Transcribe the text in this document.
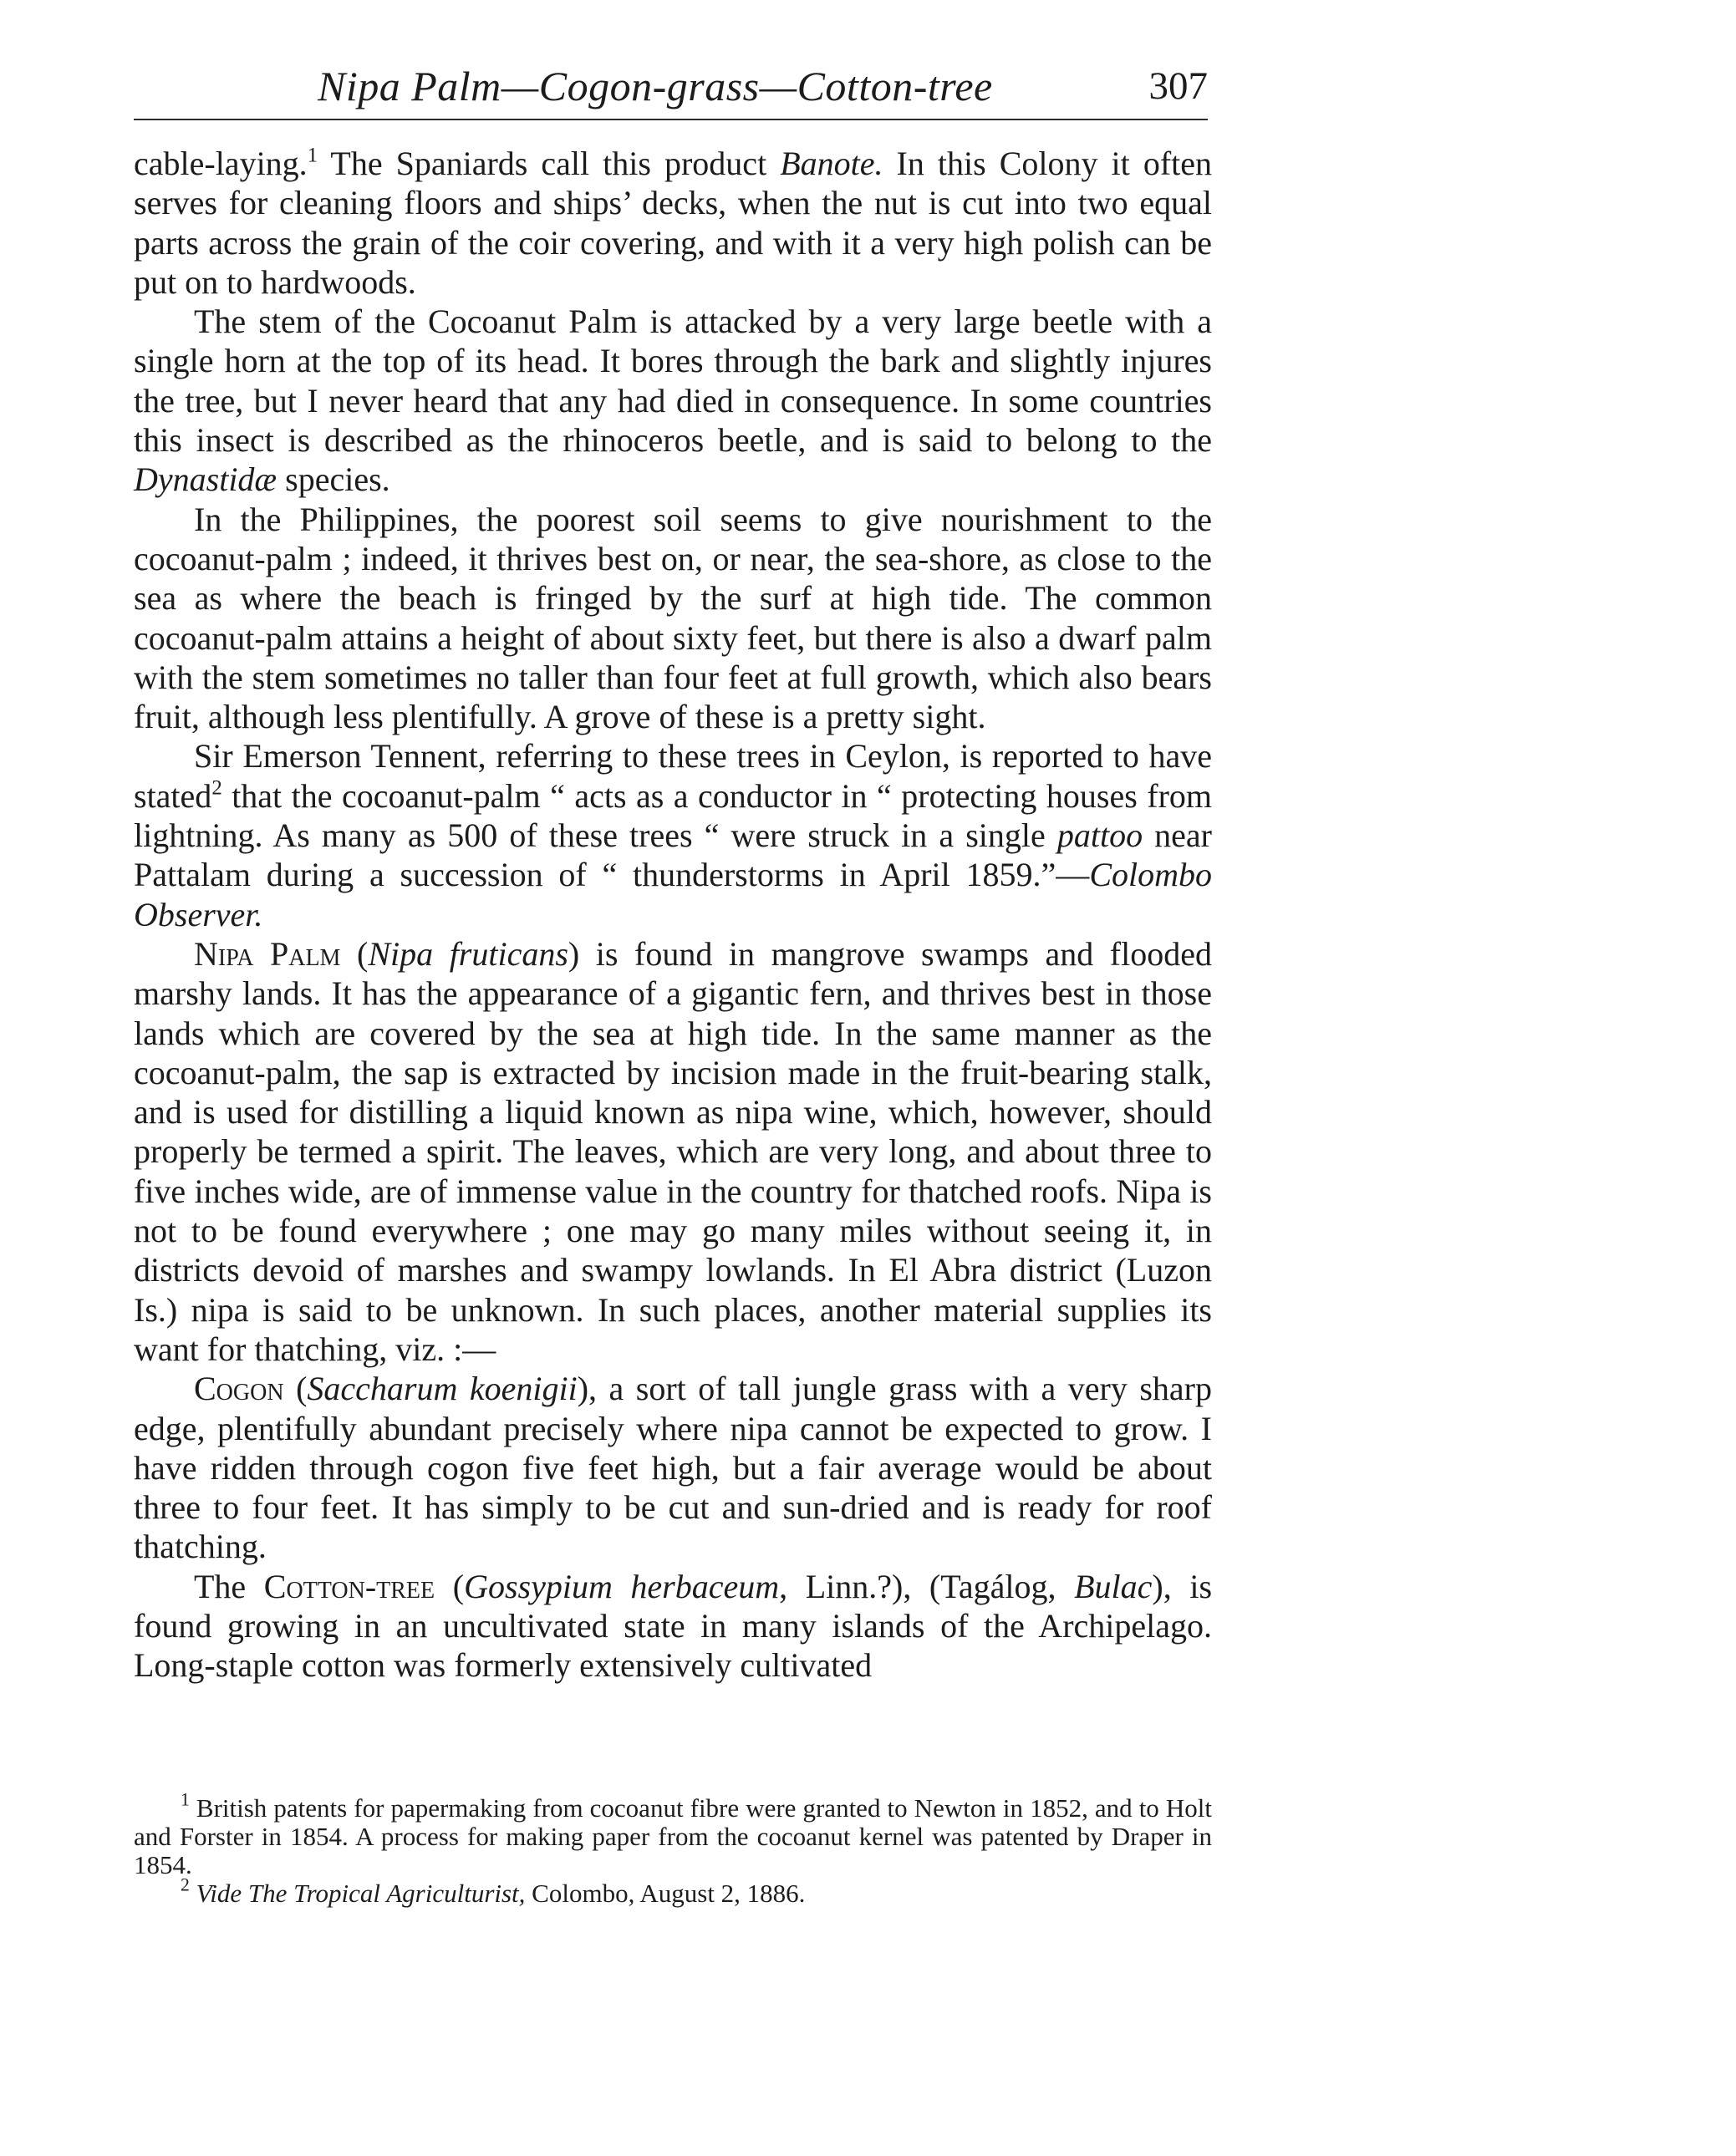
Nipa Palm—Cogon-grass—Cotton-tree	307

cable-laying.$^1$ The Spaniards call this product Banote. In this Colony it often serves for cleaning floors and ships’ decks, when the nut is cut into two equal parts across the grain of the coir covering, and with it a very high polish can be put on to hardwoods.

The stem of the Cocoanut Palm is attacked by a very large beetle with a single horn at the top of its head. It bores through the bark and slightly injures the tree, but I never heard that any had died in consequence. In some countries this insect is described as the rhinoceros beetle, and is said to belong to the Dynastidæ species.

In the Philippines, the poorest soil seems to give nourishment to the cocoanut-palm ; indeed, it thrives best on, or near, the sea-shore, as close to the sea as where the beach is fringed by the surf at high tide. The common cocoanut-palm attains a height of about sixty feet, but there is also a dwarf palm with the stem sometimes no taller than four feet at full growth, which also bears fruit, although less plentifully. A grove of these is a pretty sight.

Sir Emerson Tennent, referring to these trees in Ceylon, is reported to have stated$^2$ that the cocoanut-palm “ acts as a conductor in “ protecting houses from lightning. As many as 500 of these trees “ were struck in a single pattoo near Pattalam during a succession of “ thunderstorms in April 1859.”—Colombo Observer.

Nipa Palm (Nipa fruticans) is found in mangrove swamps and flooded marshy lands. It has the appearance of a gigantic fern, and thrives best in those lands which are covered by the sea at high tide. In the same manner as the cocoanut-palm, the sap is extracted by incision made in the fruit-bearing stalk, and is used for distilling a liquid known as nipa wine, which, however, should properly be termed a spirit. The leaves, which are very long, and about three to five inches wide, are of immense value in the country for thatched roofs. Nipa is not to be found everywhere ; one may go many miles without seeing it, in districts devoid of marshes and swampy lowlands. In El Abra district (Luzon Is.) nipa is said to be unknown. In such places, another material supplies its want for thatching, viz. :—

Cogon (Saccharum koenigii), a sort of tall jungle grass with a very sharp edge, plentifully abundant precisely where nipa cannot be expected to grow. I have ridden through cogon five feet high, but a fair average would be about three to four feet. It has simply to be cut and sun-dried and is ready for roof thatching.

The Cotton-tree (Gossypium herbaceum, Linn.?), (Tagálog, Bulac), is found growing in an uncultivated state in many islands of the Archipelago. Long-staple cotton was formerly extensively cultivated

$^1$ British patents for papermaking from cocoanut fibre were granted to Newton in 1852, and to Holt and Forster in 1854. A process for making paper from the cocoanut kernel was patented by Draper in 1854.

$^2$ Vide The Tropical Agriculturist, Colombo, August 2, 1886.
